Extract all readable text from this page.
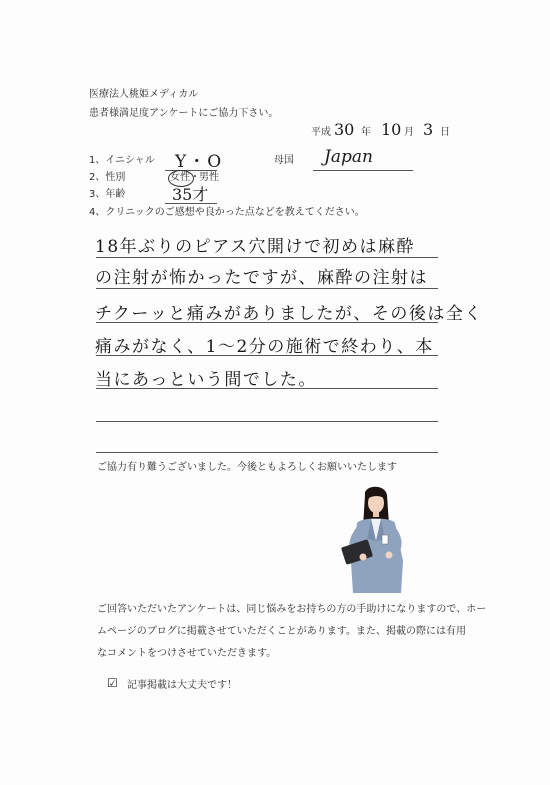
医療法人桃姫メディカル
患者様満足度アンケートにご協力下さい。
平成 30 年 10 月 3 日
1、イニシャル Y・O	母国 Japan
2、性別	女性 ・ 男性
3、年齢	35才
4、クリニックのご感想や良かった点などを教えてください。
18年ぶりのピアス穴開けで初めは麻酔
の注射が怖かったですが、麻酔の注射は
チクーッと痛みがありましたが、その後は全く
痛みがなく、1～2分の施術で終わり、本
当にあっという間でした。
ご協力有り難うございました。今後ともよろしくお願いいたします
ご回答いただいたアンケートは、同じ悩みをお持ちの方の手助けになりますので、ホー
ムページのブログに掲載させていただくことがあります。また、掲載の際には有用
なコメントをつけさせていただきます。
☑ 記事掲載は大丈夫です！
